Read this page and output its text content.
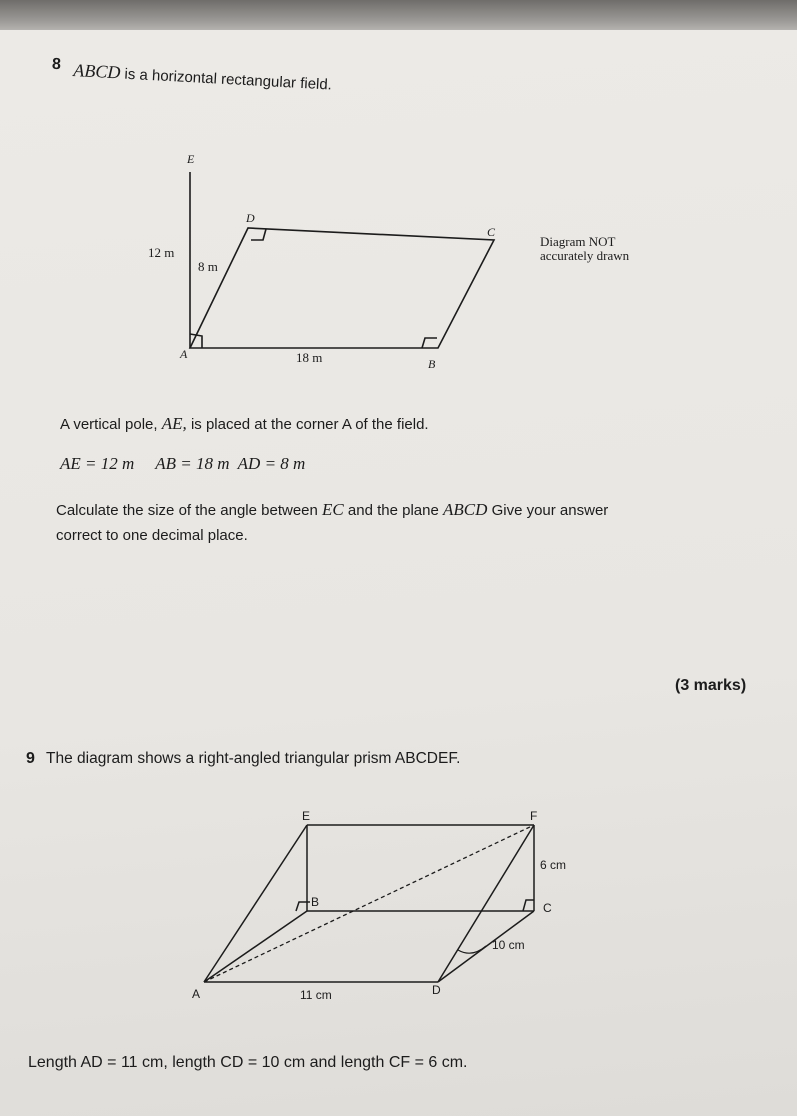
8 ABCD is a horizontal rectangular field.
E
D
C
A
B
12 m
8 m
18 m
Diagram NOT
accurately drawn
E	F
B	C
A	D
6 cm
10 cm
11 cm
A vertical pole, AE, is placed at the corner A of the field.
AE = 12 m     AB = 18 m  AD = 8 m
Calculate the size of the angle between EC and the plane ABCD Give your answer
correct to one decimal place.
(3 marks)
9 The diagram shows a right-angled triangular prism ABCDEF.
Length AD = 11 cm, length CD = 10 cm and length CF = 6 cm.
